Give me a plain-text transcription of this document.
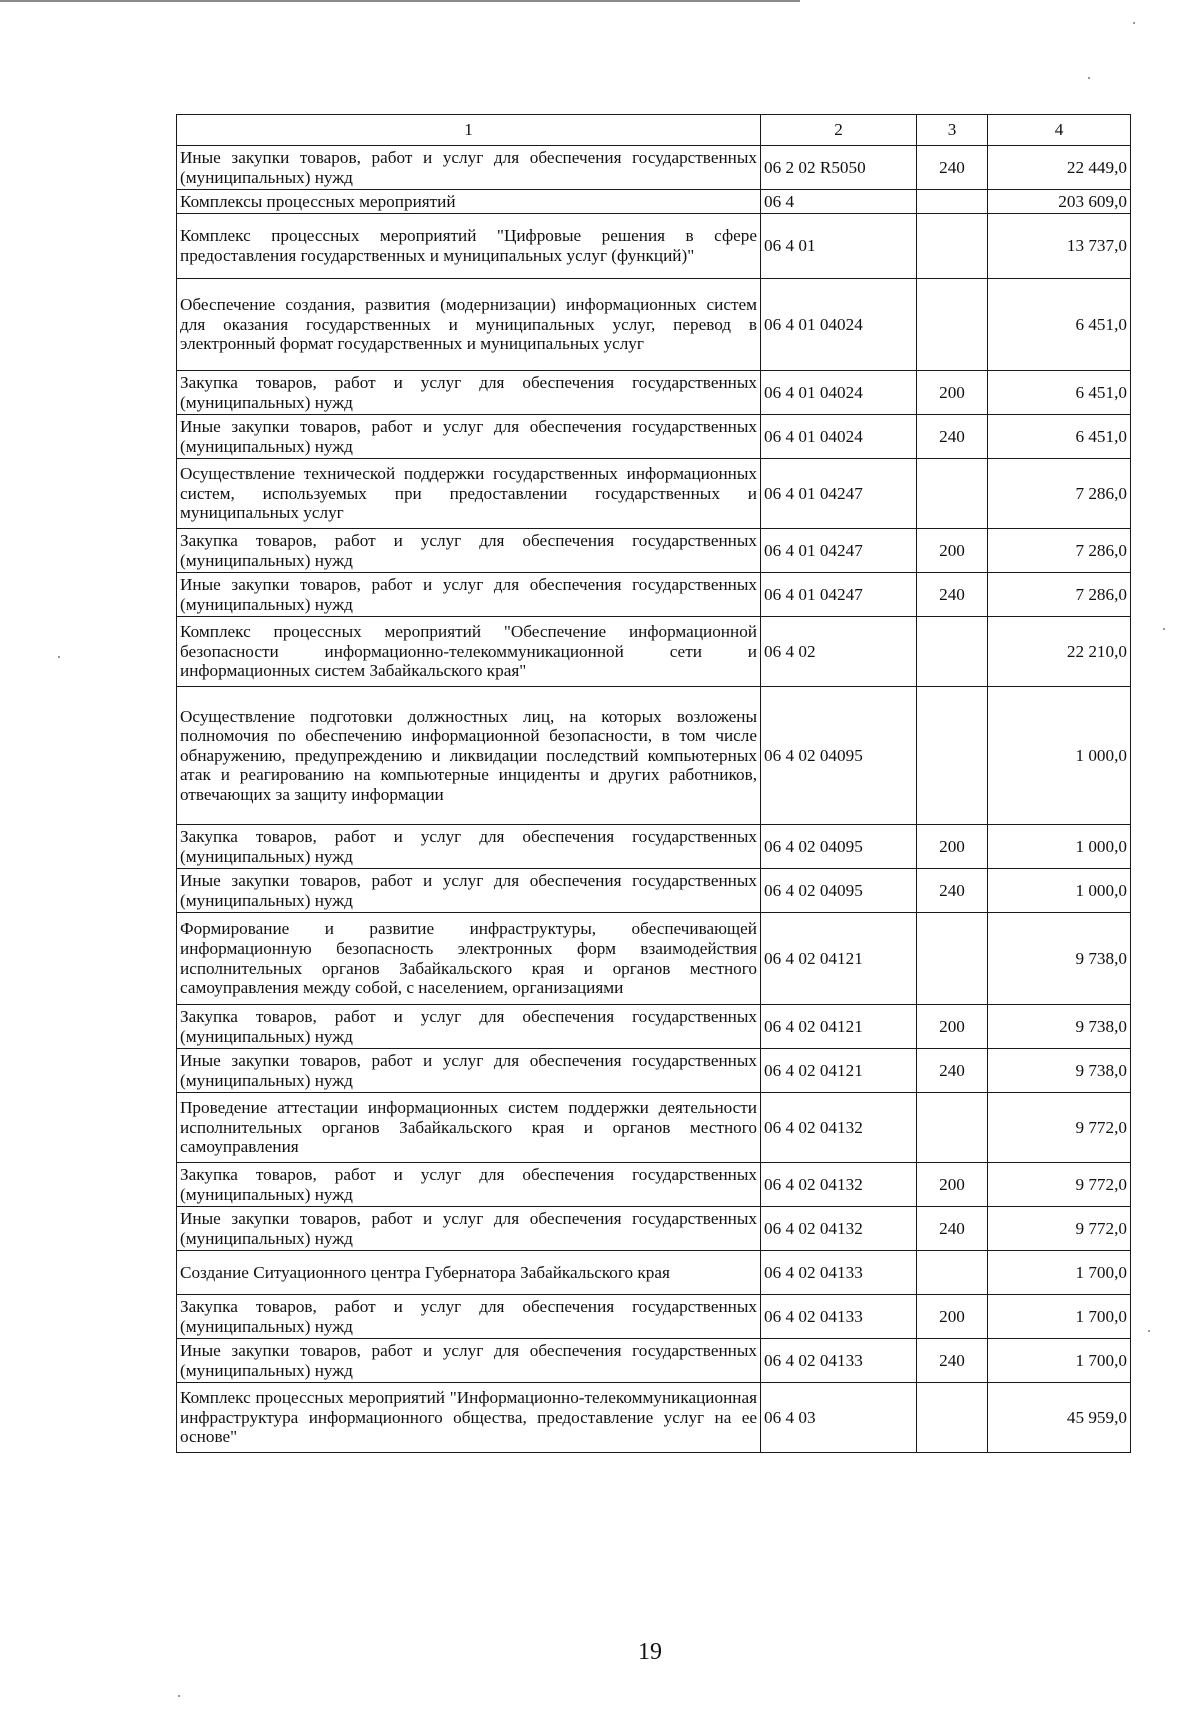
1	2	3	4
Иные закупки товаров, работ и услуг для обеспечения государственных (муниципальных) нужд	06 2 02 R5050	240	22 449,0
Комплексы процессных мероприятий	06 4		203 609,0
Комплекс процессных мероприятий "Цифровые решения в сфере предоставления государственных и муниципальных услуг (функций)"	06 4 01		13 737,0
Обеспечение создания, развития (модернизации) информационных систем для оказания государственных и муниципальных услуг, перевод в электронный формат государственных и муниципальных услуг	06 4 01 04024		6 451,0
Закупка товаров, работ и услуг для обеспечения государственных (муниципальных) нужд	06 4 01 04024	200	6 451,0
Иные закупки товаров, работ и услуг для обеспечения государственных (муниципальных) нужд	06 4 01 04024	240	6 451,0
Осуществление технической поддержки государственных информационных систем, используемых при предоставлении государственных и муниципальных услуг	06 4 01 04247		7 286,0
Закупка товаров, работ и услуг для обеспечения государственных (муниципальных) нужд	06 4 01 04247	200	7 286,0
Иные закупки товаров, работ и услуг для обеспечения государственных (муниципальных) нужд	06 4 01 04247	240	7 286,0
Комплекс процессных мероприятий "Обеспечение информационной безопасности информационно-телекоммуникационной сети и информационных систем Забайкальского края"	06 4 02		22 210,0
Осуществление подготовки должностных лиц, на которых возложены полномочия по обеспечению информационной безопасности, в том числе обнаружению, предупреждению и ликвидации последствий компьютерных атак и реагированию на компьютерные инциденты и других работников, отвечающих за защиту информации	06 4 02 04095		1 000,0
Закупка товаров, работ и услуг для обеспечения государственных (муниципальных) нужд	06 4 02 04095	200	1 000,0
Иные закупки товаров, работ и услуг для обеспечения государственных (муниципальных) нужд	06 4 02 04095	240	1 000,0
Формирование и развитие инфраструктуры, обеспечивающей информационную безопасность электронных форм взаимодействия исполнительных органов Забайкальского края и органов местного самоуправления между собой, с населением, организациями	06 4 02 04121		9 738,0
Закупка товаров, работ и услуг для обеспечения государственных (муниципальных) нужд	06 4 02 04121	200	9 738,0
Иные закупки товаров, работ и услуг для обеспечения государственных (муниципальных) нужд	06 4 02 04121	240	9 738,0
Проведение аттестации информационных систем поддержки деятельности исполнительных органов Забайкальского края и органов местного самоуправления	06 4 02 04132		9 772,0
Закупка товаров, работ и услуг для обеспечения государственных (муниципальных) нужд	06 4 02 04132	200	9 772,0
Иные закупки товаров, работ и услуг для обеспечения государственных (муниципальных) нужд	06 4 02 04132	240	9 772,0
Создание Ситуационного центра Губернатора Забайкальского края	06 4 02 04133		1 700,0
Закупка товаров, работ и услуг для обеспечения государственных (муниципальных) нужд	06 4 02 04133	200	1 700,0
Иные закупки товаров, работ и услуг для обеспечения государственных (муниципальных) нужд	06 4 02 04133	240	1 700,0
Комплекс процессных мероприятий "Информационно-телекоммуникационная инфраструктура информационного общества, предоставление услуг на ее основе"	06 4 03		45 959,0
19
